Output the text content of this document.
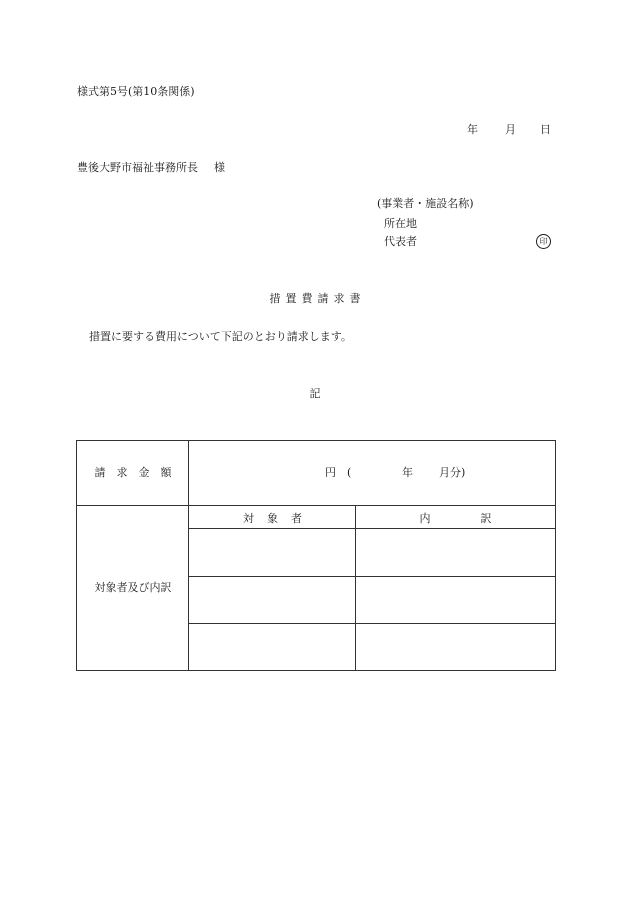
様式第5号(第10条関係)
年 月 日
豊後大野市福祉事務所長 様
(事業者・施設名称)
所在地
代表者	印
措置費請求書
措置に要する費用について下記のとおり請求します。
記
請求金額	円 (	年 月分)
対象者及び内訳
対象者	内	訳
